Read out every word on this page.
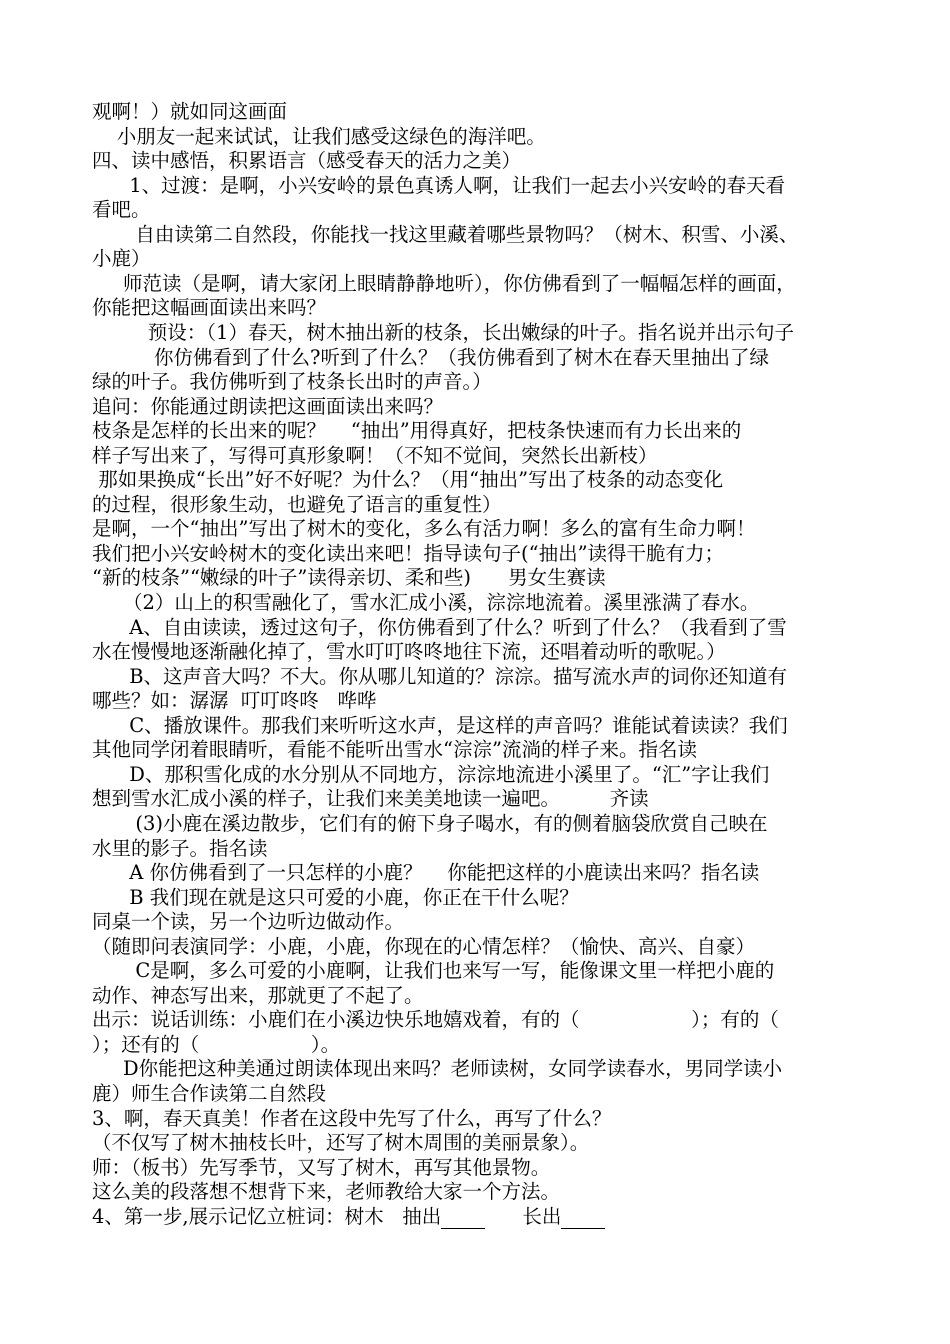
观啊！）就如同这画面
小朋友一起来试试，让我们感受这绿色的海洋吧。
四、读中感悟，积累语言（感受春天的活力之美）
1、过渡：是啊，小兴安岭的景色真诱人啊，让我们一起去小兴安岭的春天看
看吧。
自由读第二自然段，你能找一找这里藏着哪些景物吗？（树木、积雪、小溪、
小鹿）
师范读（是啊，请大家闭上眼睛静静地听），你仿佛看到了一幅幅怎样的画面，
你能把这幅画面读出来吗？
预设：（1）春天，树木抽出新的枝条，长出嫩绿的叶子。指名说并出示句子
你仿佛看到了什么?听到了什么？（我仿佛看到了树木在春天里抽出了绿
绿的叶子。我仿佛听到了枝条长出时的声音。）
追问：你能通过朗读把这画面读出来吗？
枝条是怎样的长出来的呢？    “抽出”用得真好，把枝条快速而有力长出来的
样子写出来了，写得可真形象啊！（不知不觉间，突然长出新枝）
那如果换成“长出”好不好呢？为什么？（用“抽出”写出了枝条的动态变化
的过程，很形象生动，也避免了语言的重复性）
是啊，一个“抽出”写出了树木的变化，多么有活力啊！多么的富有生命力啊！
我们把小兴安岭树木的变化读出来吧！指导读句子(“抽出”读得干脆有力；
“新的枝条”“嫩绿的叶子”读得亲切、柔和些)      男女生赛读
（2）山上的积雪融化了，雪水汇成小溪，淙淙地流着。溪里涨满了春水。
A、自由读读，透过这句子，你仿佛看到了什么？听到了什么？（我看到了雪
水在慢慢地逐渐融化掉了，雪水叮叮咚咚地往下流，还唱着动听的歌呢。）
B、这声音大吗？不大。你从哪儿知道的？淙淙。描写流水声的词你还知道有
哪些？如：潺潺  叮叮咚咚   哗哗
C、播放课件。那我们来听听这水声，是这样的声音吗？谁能试着读读？我们
其他同学闭着眼睛听，看能不能听出雪水“淙淙”流淌的样子来。指名读
D、那积雪化成的水分别从不同地方，淙淙地流进小溪里了。“汇”字让我们
想到雪水汇成小溪的样子，让我们来美美地读一遍吧。        齐读
(3)小鹿在溪边散步，它们有的俯下身子喝水，有的侧着脑袋欣赏自己映在
水里的影子。指名读
A 你仿佛看到了一只怎样的小鹿？    你能把这样的小鹿读出来吗？指名读
B 我们现在就是这只可爱的小鹿，你正在干什么呢？
同桌一个读，另一个边听边做动作。
（随即问表演同学：小鹿，小鹿，你现在的心情怎样？（愉快、高兴、自豪）
C是啊，多么可爱的小鹿啊，让我们也来写一写，能像课文里一样把小鹿的
动作、神态写出来，那就更了不起了。
出示：说话训练：小鹿们在小溪边快乐地嬉戏着，有的（                  ）；有的（
）；还有的（                  ）。
D你能把这种美通过朗读体现出来吗？老师读树，女同学读春水，男同学读小
鹿）师生合作读第二自然段
3、啊，春天真美！作者在这段中先写了什么，再写了什么？
（不仅写了树木抽枝长叶，还写了树木周围的美丽景象）。
师：（板书）先写季节，又写了树木，再写其他景物。
这么美的段落想不想背下来，老师教给大家一个方法。
4、第一步,展示记忆立桩词：树木   抽出      长出
